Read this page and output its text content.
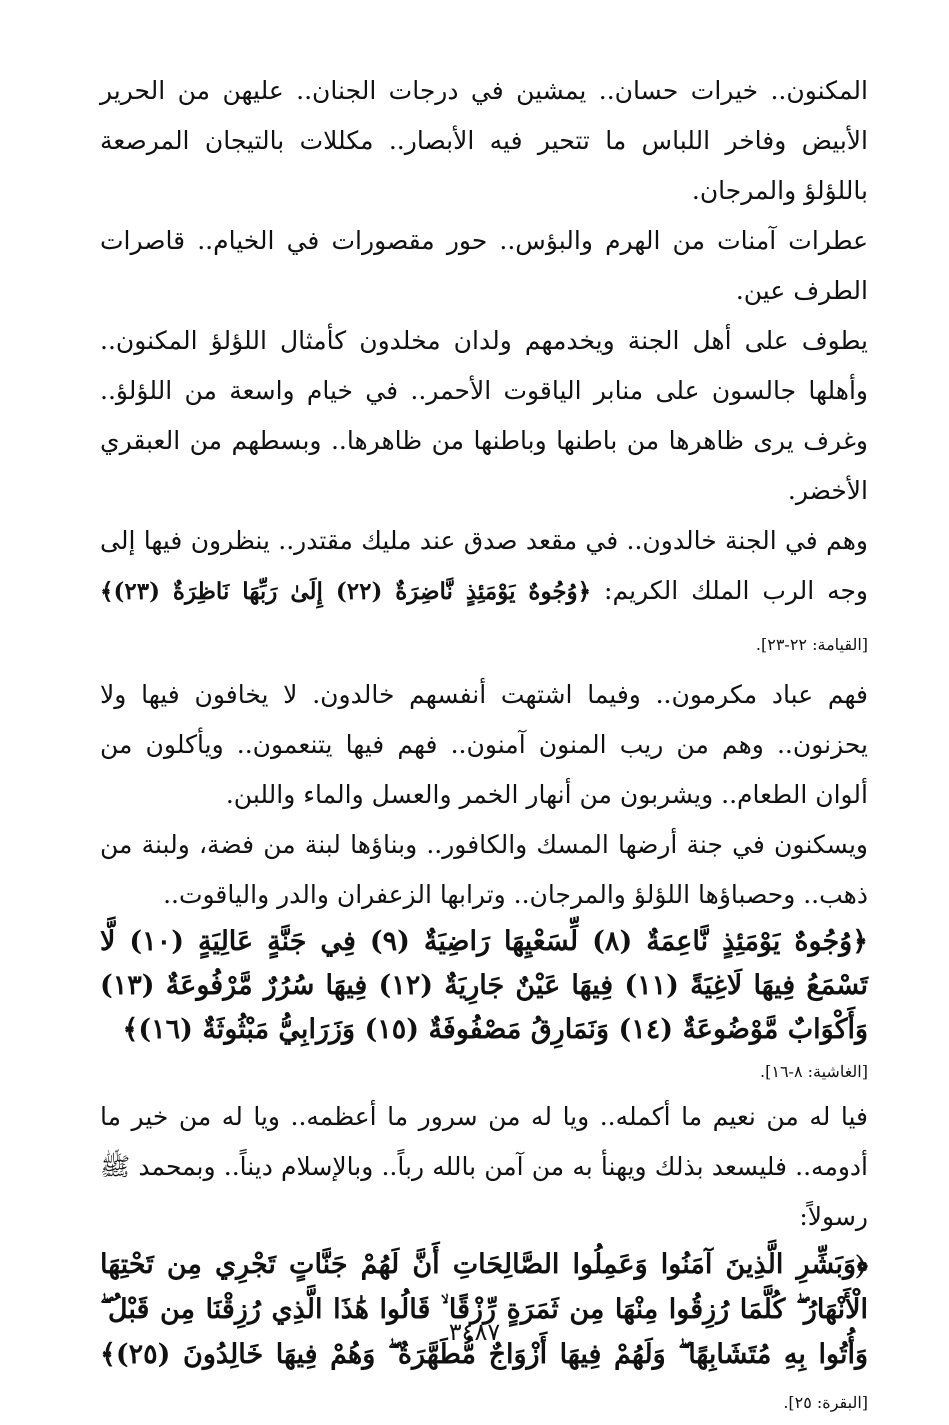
المكنون.. خيرات حسان.. يمشين في درجات الجنان.. عليهن من الحرير الأبيض وفاخر اللباس ما تتحير فيه الأبصار.. مكللات بالتيجان المرصعة باللؤلؤ والمرجان.

عطرات آمنات من الهرم والبؤس.. حور مقصورات في الخيام.. قاصرات الطرف عين.

يطوف على أهل الجنة ويخدمهم ولدان مخلدون كأمثال اللؤلؤ المكنون.. وأهلها جالسون على منابر الياقوت الأحمر.. في خيام واسعة من اللؤلؤ.. وغرف يرى ظاهرها من باطنها وباطنها من ظاهرها.. وبسطهم من العبقري الأخضر.

وهم في الجنة خالدون.. في مقعد صدق عند مليك مقتدر.. ينظرون فيها إلى وجه الرب الملك الكريم: ﴿وُجُوهٌ يَوْمَئِذٍ نَّاضِرَةٌ (٢٢) إِلَىٰ رَبِّهَا نَاظِرَةٌ (٢٣)﴾ [القيامة: ٢٢-٢٣].

فهم عباد مكرمون.. وفيما اشتهت أنفسهم خالدون. لا يخافون فيها ولا يحزنون.. وهم من ريب المنون آمنون.. فهم فيها يتنعمون.. ويأكلون من ألوان الطعام.. ويشربون من أنهار الخمر والعسل والماء واللبن.

ويسكنون في جنة أرضها المسك والكافور.. وبناؤها لبنة من فضة، ولبنة من ذهب.. وحصباؤها اللؤلؤ والمرجان.. وترابها الزعفران والدر والياقوت..

﴿وُجُوهٌ يَوْمَئِذٍ نَّاعِمَةٌ (٨) لِّسَعْيِهَا رَاضِيَةٌ (٩) فِي جَنَّةٍ عَالِيَةٍ (١٠) لَّا تَسْمَعُ فِيهَا لَاغِيَةً (١١) فِيهَا عَيْنٌ جَارِيَةٌ (١٢) فِيهَا سُرُرٌ مَّرْفُوعَةٌ (١٣) وَأَكْوَابٌ مَّوْضُوعَةٌ (١٤) وَنَمَارِقُ مَصْفُوفَةٌ (١٥) وَزَرَابِيُّ مَبْثُوثَةٌ (١٦)﴾

[الغاشية: ٨-١٦].

فيا له من نعيم ما أكمله.. ويا له من سرور ما أعظمه.. ويا له من خير ما أدومه.. فليسعد بذلك ويهنأ به من آمن بالله رباً.. وبالإسلام ديناً.. وبمحمد ﷺ رسولاً:

﴿وَبَشِّرِ الَّذِينَ آمَنُوا وَعَمِلُوا الصَّالِحَاتِ أَنَّ لَهُمْ جَنَّاتٍ تَجْرِي مِن تَحْتِهَا الْأَنْهَارُ ۖ كُلَّمَا رُزِقُوا مِنْهَا مِن ثَمَرَةٍ رِّزْقًا ۙ قَالُوا هَٰذَا الَّذِي رُزِقْنَا مِن قَبْلُ ۖ وَأُتُوا بِهِ مُتَشَابِهًا ۖ وَلَهُمْ فِيهَا أَزْوَاجٌ مُّطَهَّرَةٌ ۖ وَهُمْ فِيهَا خَالِدُونَ (٢٥)﴾ [البقرة: ٢٥].

٣٤٨٧
